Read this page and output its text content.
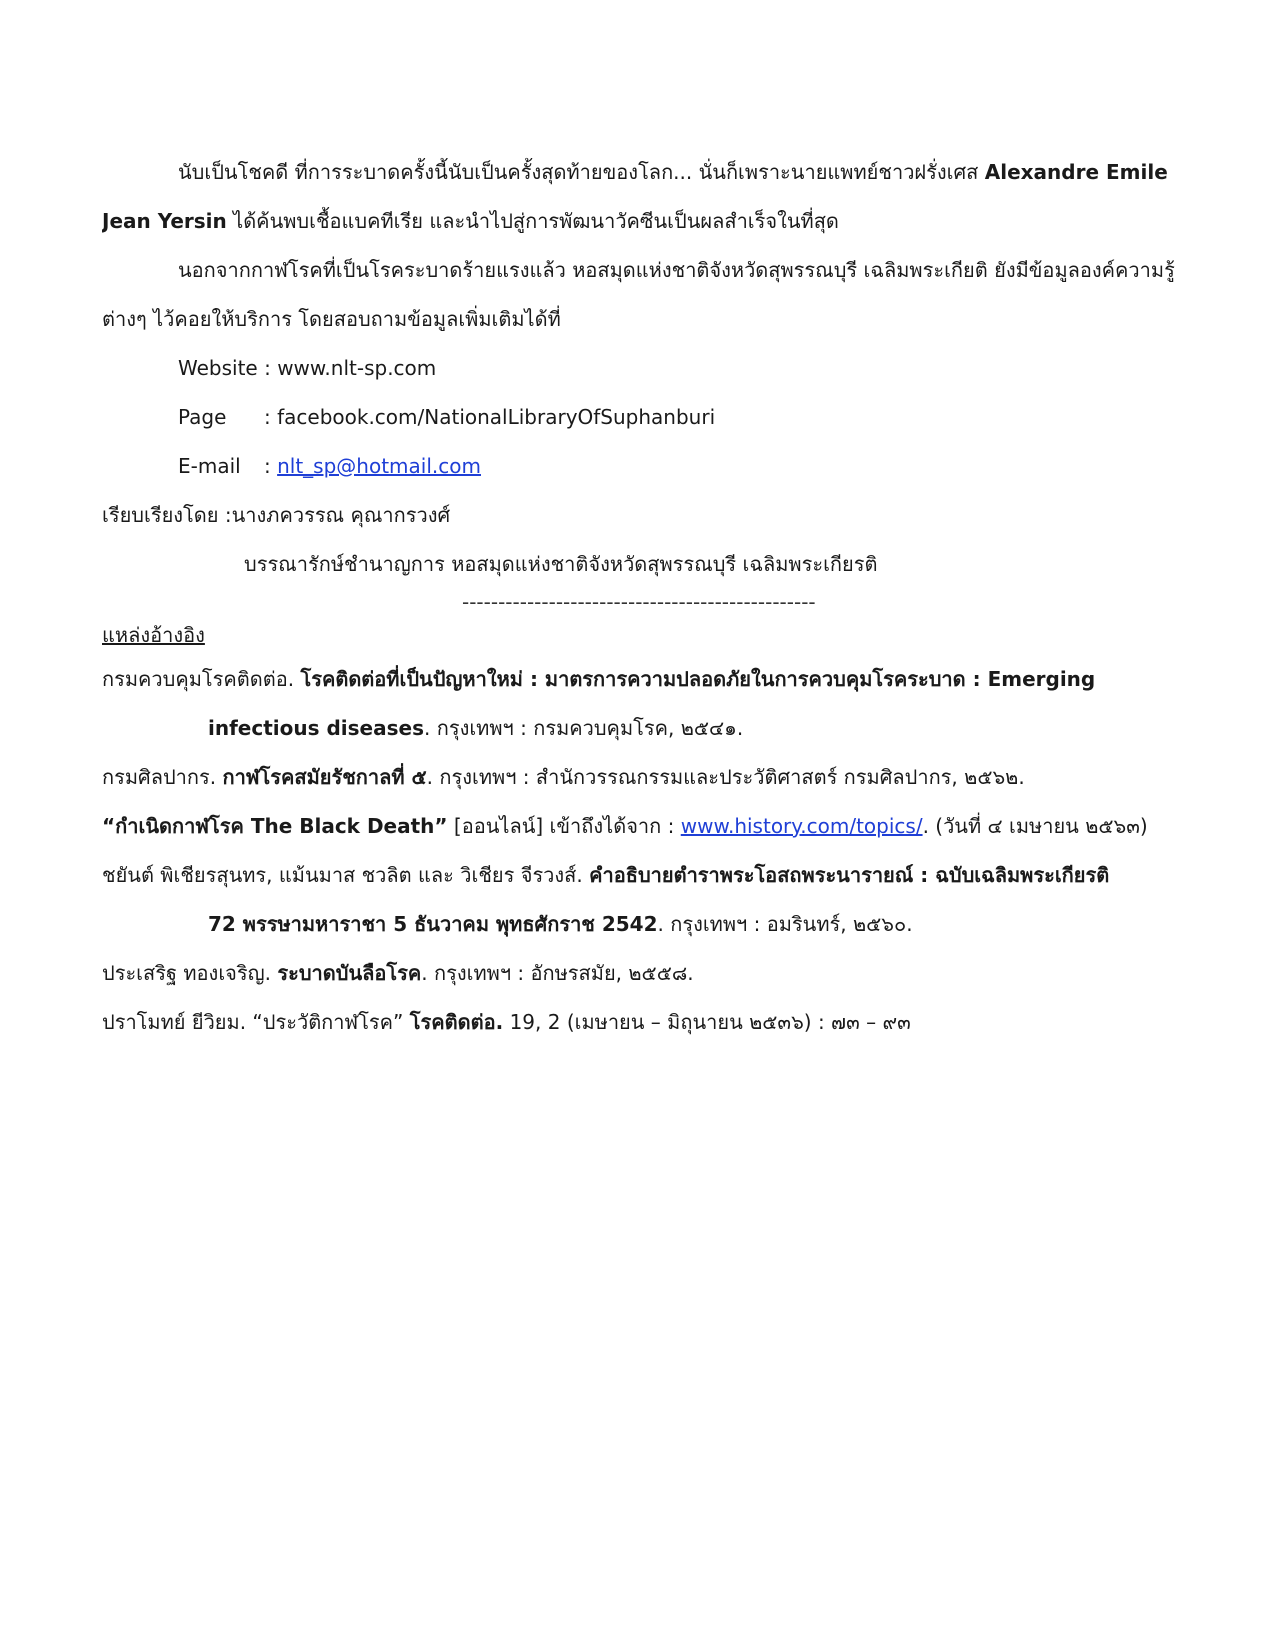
นับเป็นโชคดี ที่การระบาดครั้งนี้นับเป็นครั้งสุดท้ายของโลก... นั่นก็เพราะนายแพทย์ชาวฝรั่งเศส Alexandre Emile
Jean Yersin ได้ค้นพบเชื้อแบคทีเรีย และนำไปสู่การพัฒนาวัคซีนเป็นผลสำเร็จในที่สุด
นอกจากกาฬโรคที่เป็นโรคระบาดร้ายแรงแล้ว หอสมุดแห่งชาติจังหวัดสุพรรณบุรี เฉลิมพระเกียติ ยังมีข้อมูลองค์ความรู้
ต่างๆ ไว้คอยให้บริการ โดยสอบถามข้อมูลเพิ่มเติมได้ที่
Website : www.nlt-sp.com
Page : facebook.com/NationalLibraryOfSuphanburi
E-mail : nlt_sp@hotmail.com
เรียบเรียงโดย :นางภควรรณ คุณากรวงศ์
บรรณารักษ์ชำนาญการ หอสมุดแห่งชาติจังหวัดสุพรรณบุรี เฉลิมพระเกียรติ
-------------------------------------------------
แหล่งอ้างอิง
กรมควบคุมโรคติดต่อ. โรคติดต่อที่เป็นปัญหาใหม่ : มาตรการความปลอดภัยในการควบคุมโรคระบาด : Emerging
infectious diseases. กรุงเทพฯ : กรมควบคุมโรค, ๒๕๔๑.
กรมศิลปากร. กาฬโรคสมัยรัชกาลที่ ๕. กรุงเทพฯ : สำนักวรรณกรรมและประวัติศาสตร์ กรมศิลปากร, ๒๕๖๒.
“กำเนิดกาฬโรค The Black Death” [ออนไลน์] เข้าถึงได้จาก : www.history.com/topics/. (วันที่ ๔ เมษายน ๒๕๖๓)
ชยันต์ พิเชียรสุนทร, แม้นมาส ชวลิต และ วิเชียร จีรวงส์. คำอธิบายตำราพระโอสถพระนารายณ์ : ฉบับเฉลิมพระเกียรติ
72 พรรษามหาราชา 5 ธันวาคม พุทธศักราช 2542. กรุงเทพฯ : อมรินทร์, ๒๕๖๐.
ประเสริฐ ทองเจริญ. ระบาดบันลือโรค. กรุงเทพฯ : อักษรสมัย, ๒๕๕๘.
ปราโมทย์ ยีวิยม. “ประวัติกาฬโรค” โรคติดต่อ. 19, 2 (เมษายน – มิถุนายน ๒๕๓๖) : ๗๓ – ๙๓
